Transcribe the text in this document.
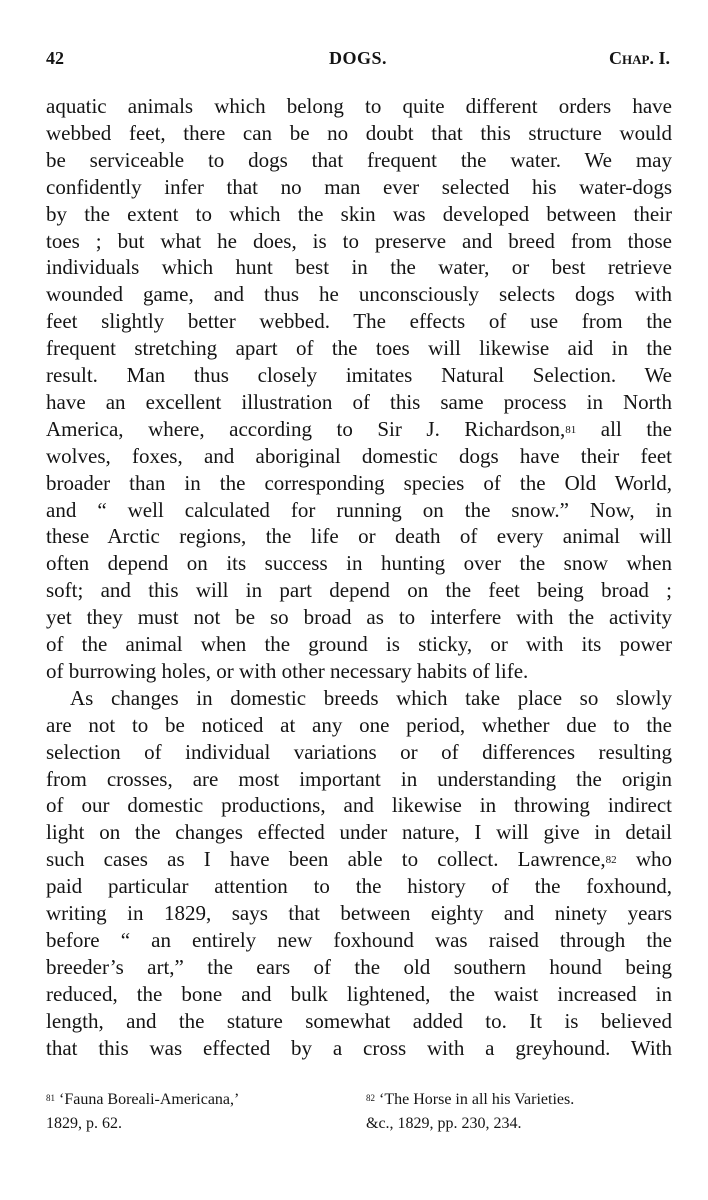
42	DOGS.	Chap. I.
aquatic animals which belong to quite different orders have
webbed feet, there can be no doubt that this structure would
be serviceable to dogs that frequent the water. We may
confidently infer that no man ever selected his water-dogs
by the extent to which the skin was developed between their
toes ; but what he does, is to preserve and breed from those
individuals which hunt best in the water, or best retrieve
wounded game, and thus he unconsciously selects dogs with
feet slightly better webbed. The effects of use from the
frequent stretching apart of the toes will likewise aid in the
result. Man thus closely imitates Natural Selection. We
have an excellent illustration of this same process in North
America, where, according to Sir J. Richardson,$^{81}$ all the
wolves, foxes, and aboriginal domestic dogs have their feet
broader than in the corresponding species of the Old World,
and “ well calculated for running on the snow.” Now, in
these Arctic regions, the life or death of every animal will
often depend on its success in hunting over the snow when
soft; and this will in part depend on the feet being broad ;
yet they must not be so broad as to interfere with the activity
of the animal when the ground is sticky, or with its power
of burrowing holes, or with other necessary habits of life.
As changes in domestic breeds which take place so slowly
are not to be noticed at any one period, whether due to the
selection of individual variations or of differences resulting
from crosses, are most important in understanding the origin
of our domestic productions, and likewise in throwing indirect
light on the changes effected under nature, I will give in detail
such cases as I have been able to collect. Lawrence,$^{82}$ who
paid particular attention to the history of the foxhound,
writing in 1829, says that between eighty and ninety years
before “ an entirely new foxhound was raised through the
breeder’s art,” the ears of the old southern hound being
reduced, the bone and bulk lightened, the waist increased in
length, and the stature somewhat added to. It is believed
that this was effected by a cross with a greyhound. With
$^{81}$ ‘Fauna Boreali-Americana,’
1829, p. 62.
$^{82}$ ‘The Horse in all his Varieties.
&c., 1829, pp. 230, 234.
